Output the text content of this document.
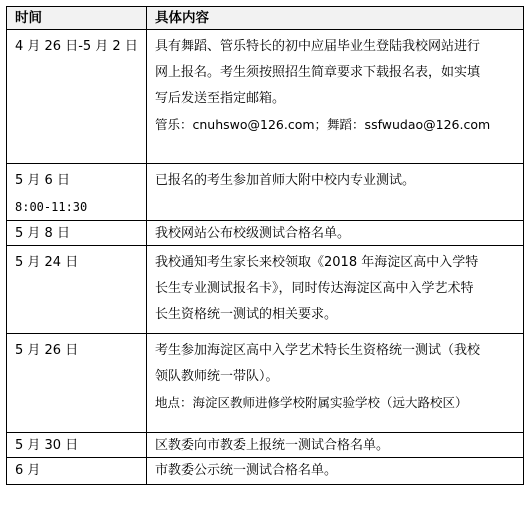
时间	具体内容

4 月 26 日-5 月 2 日	具有舞蹈、管乐特长的初中应届毕业生登陆我校网站进行
网上报名。考生须按照招生简章要求下载报名表，如实填
写后发送至指定邮箱。
管乐：cnuhswo@126.com；舞蹈：ssfwudao@126.com

5 月 6 日
8:00-11:30	已报名的考生参加首师大附中校内专业测试。

5 月 8 日	我校网站公布校级测试合格名单。

5 月 24 日	我校通知考生家长来校领取《2018 年海淀区高中入学特
长生专业测试报名卡》，同时传达海淀区高中入学艺术特
长生资格统一测试的相关要求。

5 月 26 日	考生参加海淀区高中入学艺术特长生资格统一测试（我校
领队教师统一带队）。
地点：海淀区教师进修学校附属实验学校（远大路校区）

5 月 30 日	区教委向市教委上报统一测试合格名单。

6 月	市教委公示统一测试合格名单。
